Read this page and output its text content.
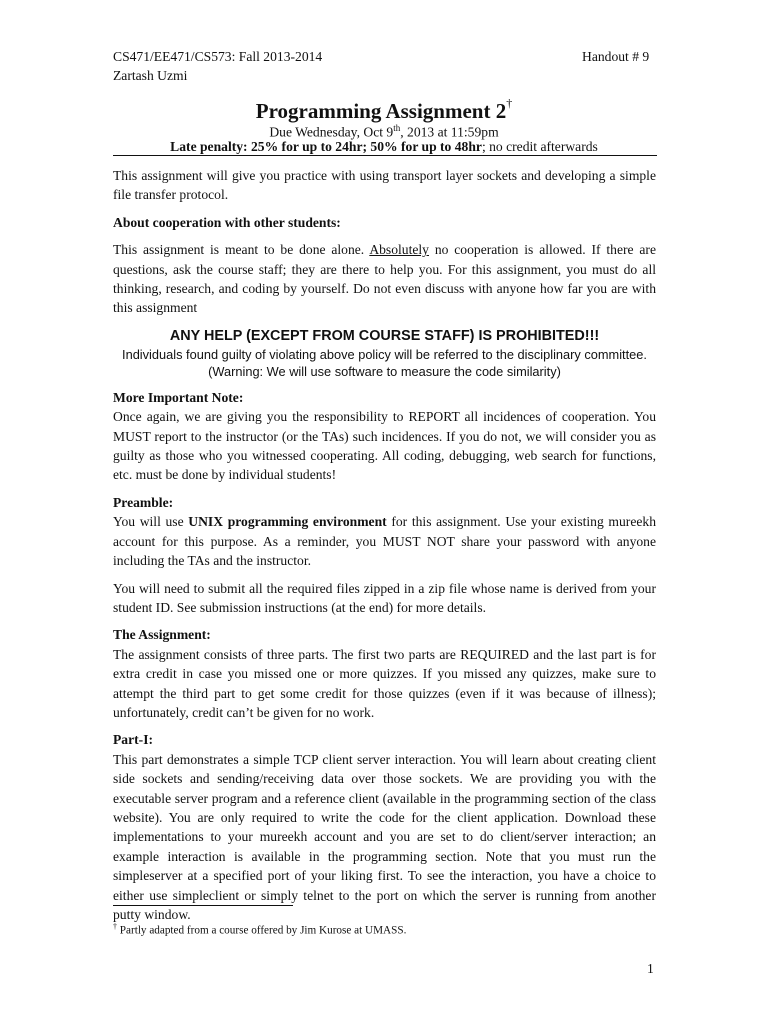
CS471/EE471/CS573: Fall 2013-2014
Zartash Uzmi
Handout # 9
Programming Assignment 2†
Due Wednesday, Oct 9th, 2013 at 11:59pm
Late penalty: 25% for up to 24hr; 50% for up to 48hr; no credit afterwards

This assignment will give you practice with using transport layer sockets and developing a simple file transfer protocol.

About cooperation with other students:

This assignment is meant to be done alone. Absolutely no cooperation is allowed. If there are questions, ask the course staff; they are there to help you. For this assignment, you must do all thinking, research, and coding by yourself. Do not even discuss with anyone how far you are with this assignment

ANY HELP (EXCEPT FROM COURSE STAFF) IS PROHIBITED!!!
Individuals found guilty of violating above policy will be referred to the disciplinary committee.
(Warning: We will use software to measure the code similarity)

More Important Note:

Once again, we are giving you the responsibility to REPORT all incidences of cooperation. You MUST report to the instructor (or the TAs) such incidences. If you do not, we will consider you as guilty as those who you witnessed cooperating. All coding, debugging, web search for functions, etc. must be done by individual students!

Preamble:

You will use UNIX programming environment for this assignment. Use your existing mureekh account for this purpose. As a reminder, you MUST NOT share your password with anyone including the TAs and the instructor.

You will need to submit all the required files zipped in a zip file whose name is derived from your student ID. See submission instructions (at the end) for more details.

The Assignment:

The assignment consists of three parts. The first two parts are REQUIRED and the last part is for extra credit in case you missed one or more quizzes. If you missed any quizzes, make sure to attempt the third part to get some credit for those quizzes (even if it was because of illness); unfortunately, credit can’t be given for no work.

Part-I:

This part demonstrates a simple TCP client server interaction. You will learn about creating client side sockets and sending/receiving data over those sockets. We are providing you with the executable server program and a reference client (available in the programming section of the class website). You are only required to write the code for the client application. Download these implementations to your mureekh account and you are set to do client/server interaction; an example interaction is available in the programming section. Note that you must run the simpleserver at a specified port of your liking first. To see the interaction, you have a choice to either use simpleclient or simply telnet to the port on which the server is running from another putty window.

† Partly adapted from a course offered by Jim Kurose at UMASS.
1
